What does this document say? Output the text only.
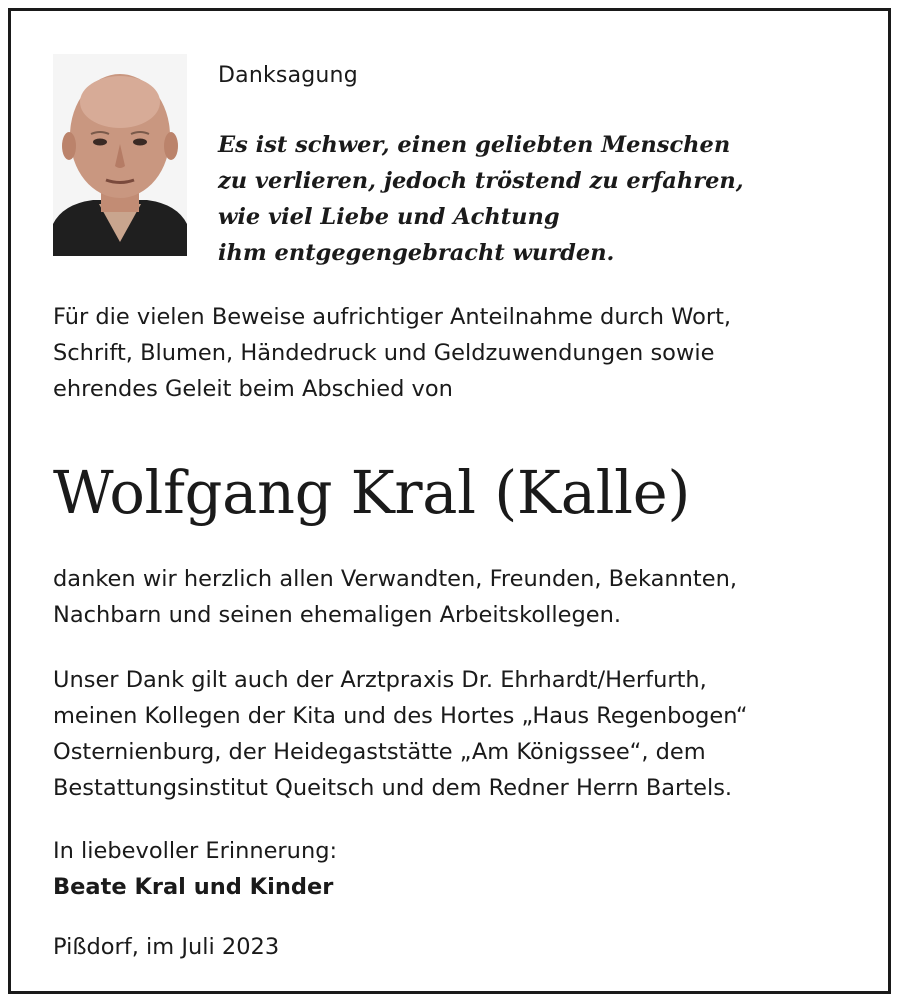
Danksagung
Es ist schwer, einen geliebten Menschen
zu verlieren, jedoch tröstend zu erfahren,
wie viel Liebe und Achtung
ihm entgegengebracht wurden.
Für die vielen Beweise aufrichtiger Anteilnahme durch Wort,
Schrift, Blumen, Händedruck und Geldzuwendungen sowie
ehrendes Geleit beim Abschied von
Wolfgang Kral (Kalle)
danken wir herzlich allen Verwandten, Freunden, Bekannten,
Nachbarn und seinen ehemaligen Arbeitskollegen.
Unser Dank gilt auch der Arztpraxis Dr. Ehrhardt/Herfurth,
meinen Kollegen der Kita und des Hortes „Haus Regenbogen“
Osternienburg, der Heidegaststätte „Am Königssee“, dem
Bestattungsinstitut Queitsch und dem Redner Herrn Bartels.
In liebevoller Erinnerung:
Beate Kral und Kinder
Pißdorf, im Juli 2023
